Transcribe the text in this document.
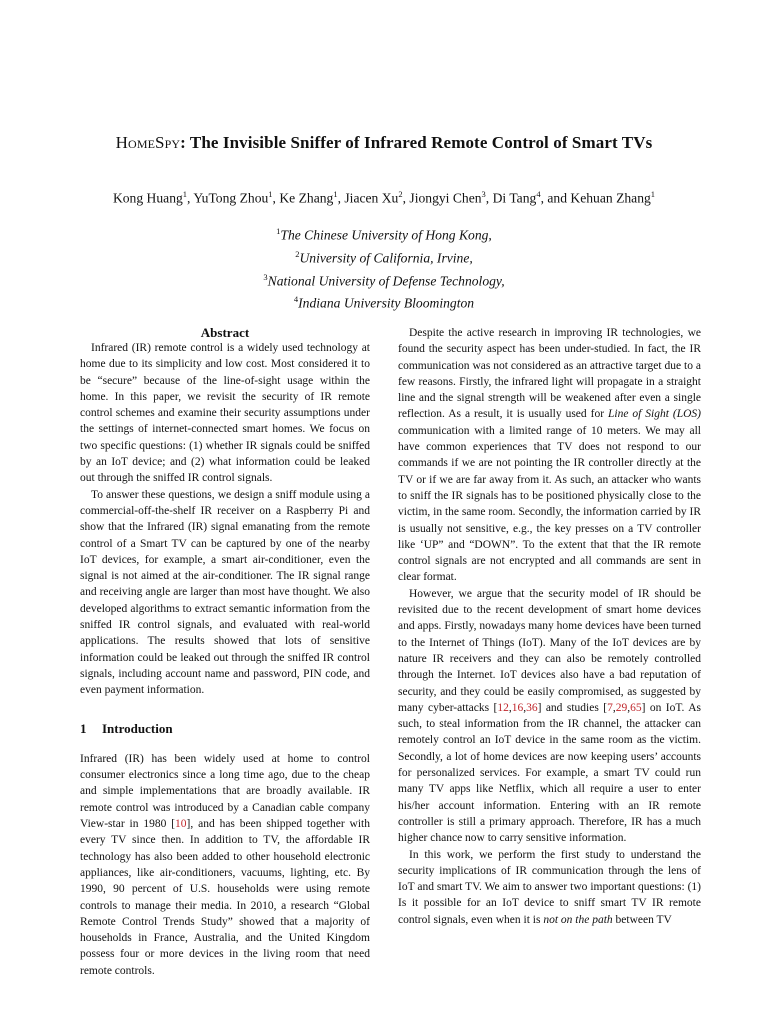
HomeSpy: The Invisible Sniffer of Infrared Remote Control of Smart TVs
Kong Huang$^1$, YuTong Zhou$^1$, Ke Zhang$^1$, Jiacen Xu$^2$, Jiongyi Chen$^3$, Di Tang$^4$, and Kehuan Zhang$^1$
$^1$The Chinese University of Hong Kong,
$^2$University of California, Irvine,
$^3$National University of Defense Technology,
$^4$Indiana University Bloomington
Abstract

Infrared (IR) remote control is a widely used technology at home due to its simplicity and low cost. Most considered it to be “secure” because of the line-of-sight usage within the home. In this paper, we revisit the security of IR remote control schemes and examine their security assumptions under the settings of internet-connected smart homes. We focus on two specific questions: (1) whether IR signals could be sniffed by an IoT device; and (2) what information could be leaked out through the sniffed IR control signals.

To answer these questions, we design a sniff module using a commercial-off-the-shelf IR receiver on a Raspberry Pi and show that the Infrared (IR) signal emanating from the remote control of a Smart TV can be captured by one of the nearby IoT devices, for example, a smart air-conditioner, even the signal is not aimed at the air-conditioner. The IR signal range and receiving angle are larger than most have thought. We also developed algorithms to extract semantic information from the sniffed IR control signals, and evaluated with real-world applications. The results showed that lots of sensitive information could be leaked out through the sniffed IR control signals, including account name and password, PIN code, and even payment information.

1 Introduction

Infrared (IR) has been widely used at home to control consumer electronics since a long time ago, due to the cheap and simple implementations that are broadly available. IR remote control was introduced by a Canadian cable company View-star in 1980 [10], and has been shipped together with every TV since then. In addition to TV, the affordable IR technology has also been added to other household electronic appliances, like air-conditioners, vacuums, lighting, etc. By 1990, 90 percent of U.S. households were using remote controls to manage their media. In 2010, a research “Global Remote Control Trends Study” showed that a majority of households in France, Australia, and the United Kingdom possess four or more devices in the living room that need remote controls.

Despite the active research in improving IR technologies, we found the security aspect has been under-studied. In fact, the IR communication was not considered as an attractive target due to a few reasons. Firstly, the infrared light will propagate in a straight line and the signal strength will be weakened after even a single reflection. As a result, it is usually used for Line of Sight (LOS) communication with a limited range of 10 meters. We may all have common experiences that TV does not respond to our commands if we are not pointing the IR controller directly at the TV or if we are far away from it. As such, an attacker who wants to sniff the IR signals has to be positioned physically close to the victim, in the same room. Secondly, the information carried by IR is usually not sensitive, e.g., the key presses on a TV controller like ‘UP” and “DOWN”. To the extent that that the IR remote control signals are not encrypted and all commands are sent in clear format.

However, we argue that the security model of IR should be revisited due to the recent development of smart home devices and apps. Firstly, nowadays many home devices have been turned to the Internet of Things (IoT). Many of the IoT devices are by nature IR receivers and they can also be remotely controlled through the Internet. IoT devices also have a bad reputation of security, and they could be easily compromised, as suggested by many cyber-attacks [12,16,36] and studies [7,29,65] on IoT. As such, to steal information from the IR channel, the attacker can remotely control an IoT device in the same room as the victim. Secondly, a lot of home devices are now keeping users’ accounts for personalized services. For example, a smart TV could run many TV apps like Netflix, which all require a user to enter his/her account information. Entering with an IR remote controller is still a primary approach. Therefore, IR has a much higher chance now to carry sensitive information.

In this work, we perform the first study to understand the security implications of IR communication through the lens of IoT and smart TV. We aim to answer two important questions: (1) Is it possible for an IoT device to sniff smart TV IR remote control signals, even when it is not on the path between TV
